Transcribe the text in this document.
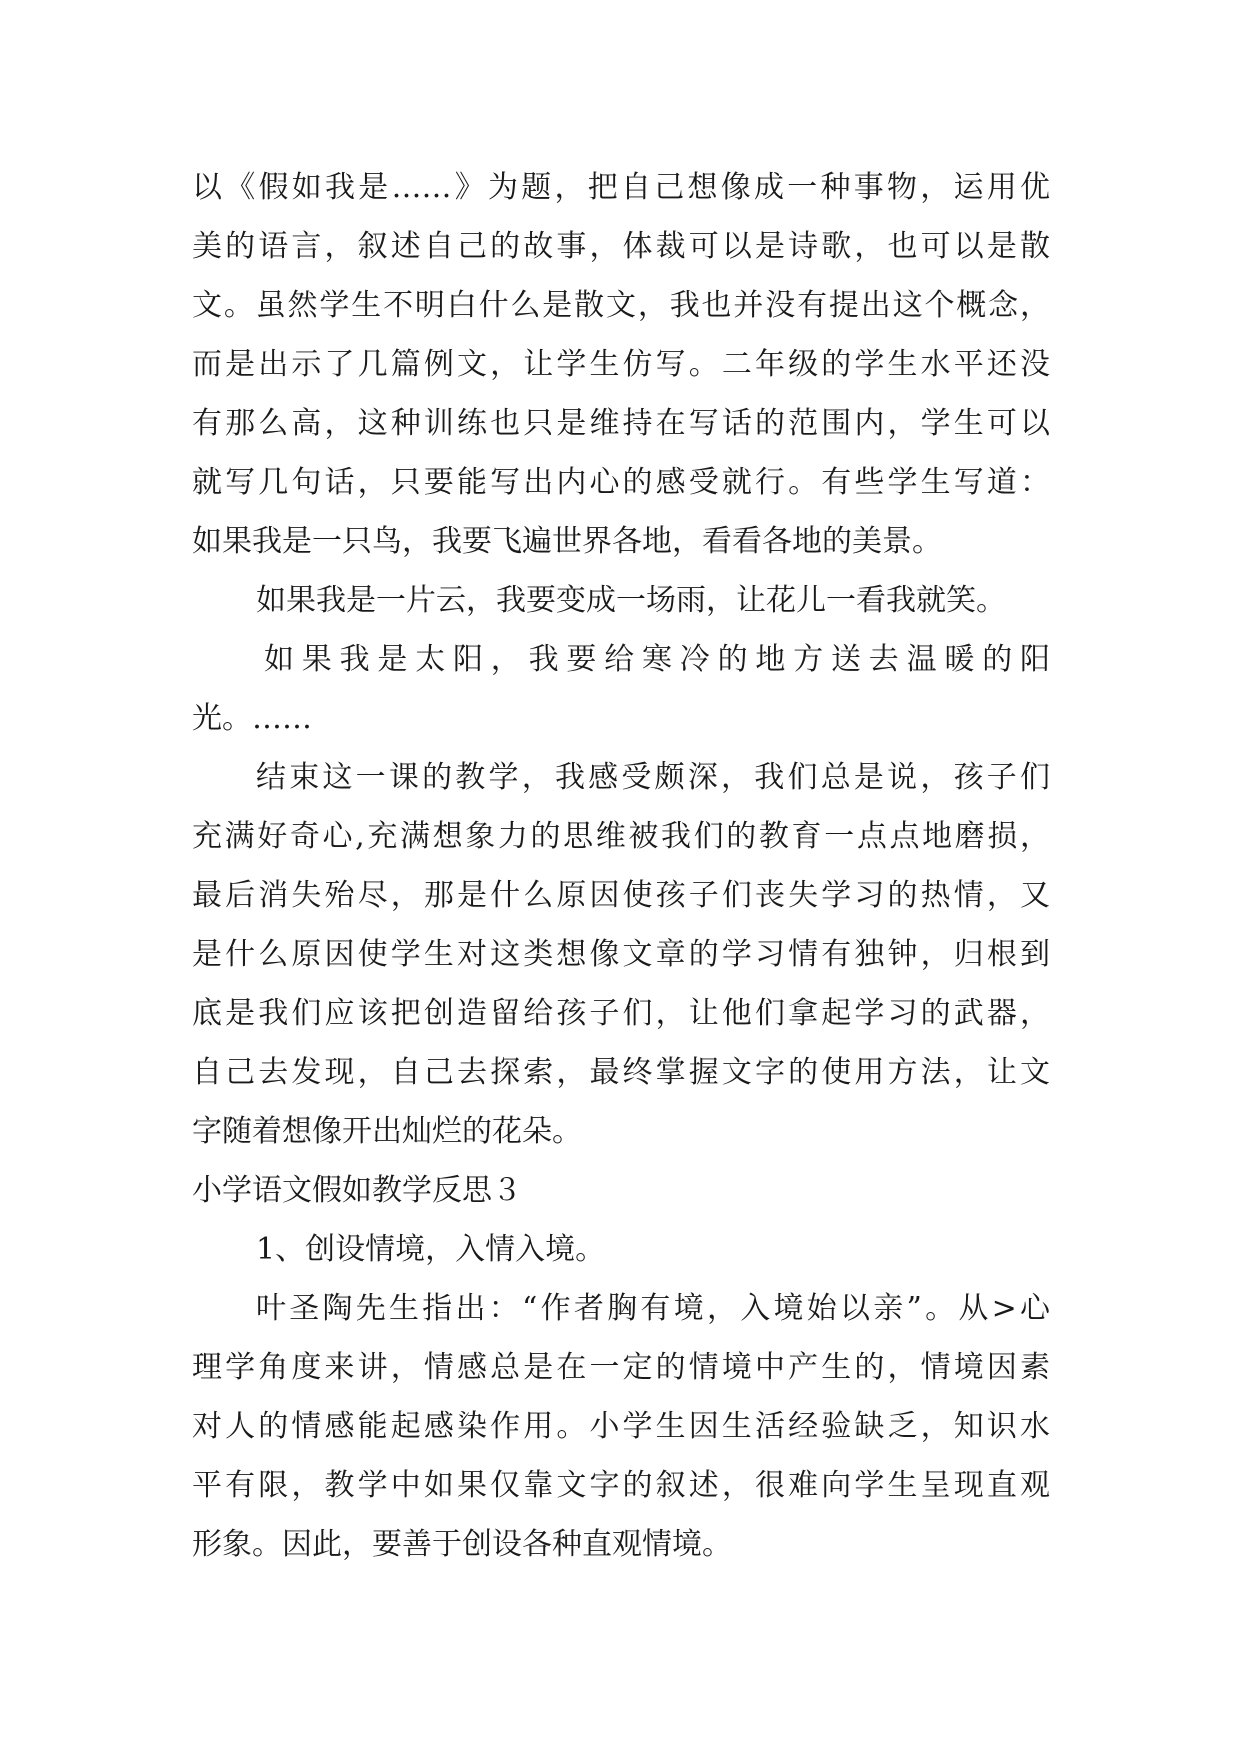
以《假如我是……》为题，把自己想像成一种事物，运用优
美的语言，叙述自己的故事，体裁可以是诗歌，也可以是散
文。虽然学生不明白什么是散文，我也并没有提出这个概念，
而是出示了几篇例文，让学生仿写。二年级的学生水平还没
有那么高，这种训练也只是维持在写话的范围内，学生可以
就写几句话，只要能写出内心的感受就行。有些学生写道：
如果我是一只鸟，我要飞遍世界各地，看看各地的美景。
如果我是一片云，我要变成一场雨，让花儿一看我就笑。
如果我是太阳，我要给寒冷的地方送去温暖的阳
光。……
结束这一课的教学，我感受颇深，我们总是说，孩子们
充满好奇心,充满想象力的思维被我们的教育一点点地磨损，
最后消失殆尽，那是什么原因使孩子们丧失学习的热情，又
是什么原因使学生对这类想像文章的学习情有独钟，归根到
底是我们应该把创造留给孩子们，让他们拿起学习的武器，
自己去发现，自己去探索，最终掌握文字的使用方法，让文
字随着想像开出灿烂的花朵。
小学语文假如教学反思３
1、创设情境，入情入境。
叶圣陶先生指出：“作者胸有境，入境始以亲”。从>心
理学角度来讲，情感总是在一定的情境中产生的，情境因素
对人的情感能起感染作用。小学生因生活经验缺乏，知识水
平有限，教学中如果仅靠文字的叙述，很难向学生呈现直观
形象。因此，要善于创设各种直观情境。
